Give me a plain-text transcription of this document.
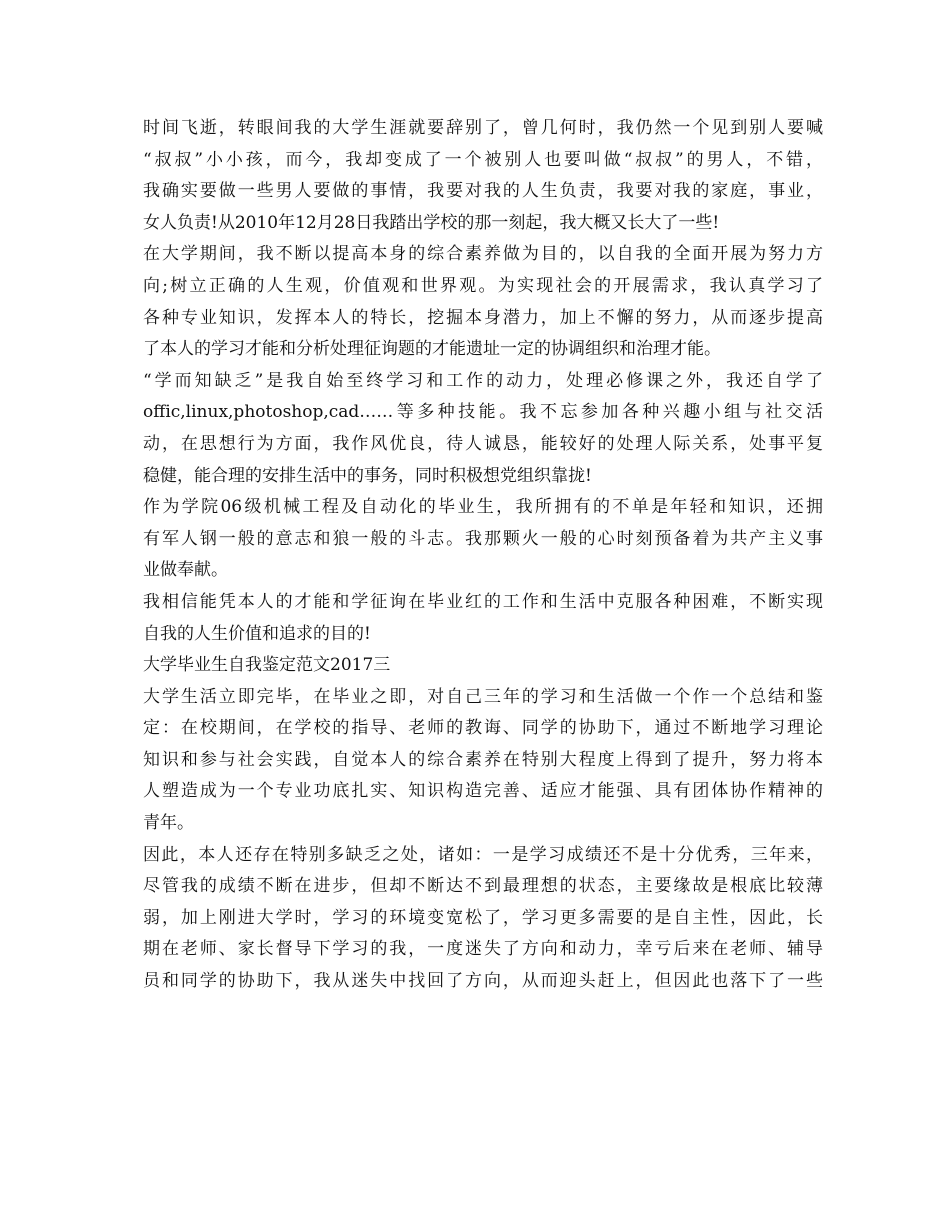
时间飞逝，转眼间我的大学生涯就要辞别了，曾几何时，我仍然一个见到别人要喊
“叔叔”小小孩，而今，我却变成了一个被别人也要叫做“叔叔”的男人，不错，
我确实要做一些男人要做的事情，我要对我的人生负责，我要对我的家庭，事业，
女人负责!从2010年12月28日我踏出学校的那一刻起，我大概又长大了一些!
在大学期间，我不断以提高本身的综合素养做为目的，以自我的全面开展为努力方
向;树立正确的人生观，价值观和世界观。为实现社会的开展需求，我认真学习了
各种专业知识，发挥本人的特长，挖掘本身潜力，加上不懈的努力，从而逐步提高
了本人的学习才能和分析处理征询题的才能遗址一定的协调组织和治理才能。
“学而知缺乏”是我自始至终学习和工作的动力，处理必修课之外，我还自学了
offic,linux,photoshop,cad……等多种技能。我不忘参加各种兴趣小组与社交活
动，在思想行为方面，我作风优良，待人诚恳，能较好的处理人际关系，处事平复
稳健，能合理的安排生活中的事务，同时积极想党组织靠拢!
作为学院06级机械工程及自动化的毕业生，我所拥有的不单是年轻和知识，还拥
有军人钢一般的意志和狼一般的斗志。我那颗火一般的心时刻预备着为共产主义事
业做奉献。
我相信能凭本人的才能和学征询在毕业红的工作和生活中克服各种困难，不断实现
自我的人生价值和追求的目的!
大学毕业生自我鉴定范文2017三
大学生活立即完毕，在毕业之即，对自己三年的学习和生活做一个作一个总结和鉴
定：在校期间，在学校的指导、老师的教诲、同学的协助下，通过不断地学习理论
知识和参与社会实践，自觉本人的综合素养在特别大程度上得到了提升，努力将本
人塑造成为一个专业功底扎实、知识构造完善、适应才能强、具有团体协作精神的
青年。
因此，本人还存在特别多缺乏之处，诸如：一是学习成绩还不是十分优秀，三年来，
尽管我的成绩不断在进步，但却不断达不到最理想的状态，主要缘故是根底比较薄
弱，加上刚进大学时，学习的环境变宽松了，学习更多需要的是自主性，因此，长
期在老师、家长督导下学习的我，一度迷失了方向和动力，幸亏后来在老师、辅导
员和同学的协助下，我从迷失中找回了方向，从而迎头赶上，但因此也落下了一些
